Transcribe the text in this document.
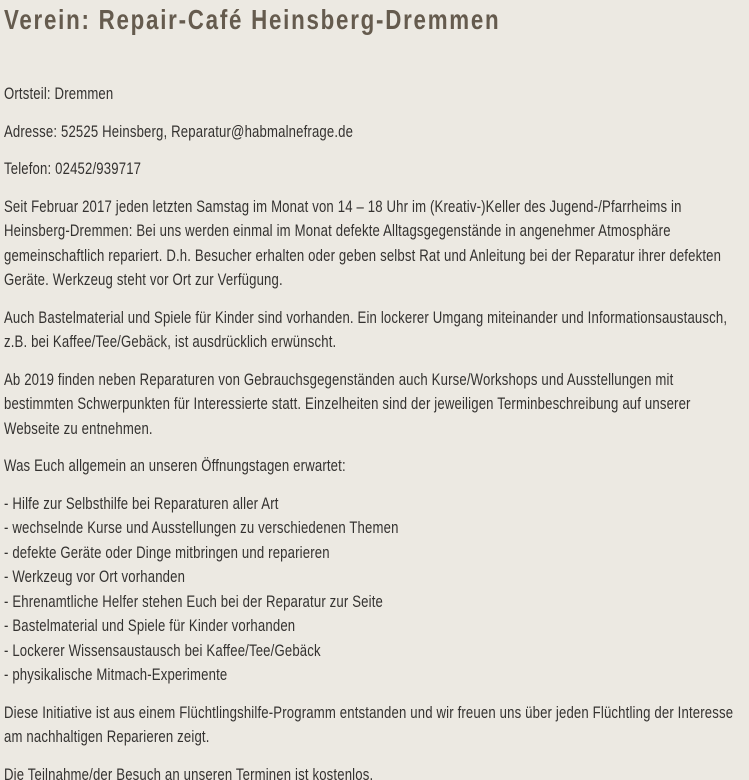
Verein: Repair-Café Heinsberg-Dremmen

Ortsteil: Dremmen

Adresse: 52525 Heinsberg, Reparatur@habmalnefrage.de

Telefon: 02452/939717

Seit Februar 2017 jeden letzten Samstag im Monat von 14 – 18 Uhr im (Kreativ-)Keller des Jugend-/Pfarrheims in Heinsberg-Dremmen: Bei uns werden einmal im Monat defekte Alltagsgegenstände in angenehmer Atmosphäre gemeinschaftlich repariert. D.h. Besucher erhalten oder geben selbst Rat und Anleitung bei der Reparatur ihrer defekten Geräte. Werkzeug steht vor Ort zur Verfügung.

Auch Bastelmaterial und Spiele für Kinder sind vorhanden. Ein lockerer Umgang miteinander und Informationsaustausch, z.B. bei Kaffee/Tee/Gebäck, ist ausdrücklich erwünscht.

Ab 2019 finden neben Reparaturen von Gebrauchsgegenständen auch Kurse/Workshops und Ausstellungen mit bestimmten Schwerpunkten für Interessierte statt. Einzelheiten sind der jeweiligen Terminbeschreibung auf unserer Webseite zu entnehmen.

Was Euch allgemein an unseren Öffnungstagen erwartet:

- Hilfe zur Selbsthilfe bei Reparaturen aller Art
- wechselnde Kurse und Ausstellungen zu verschiedenen Themen
- defekte Geräte oder Dinge mitbringen und reparieren
- Werkzeug vor Ort vorhanden
- Ehrenamtliche Helfer stehen Euch bei der Reparatur zur Seite
- Bastelmaterial und Spiele für Kinder vorhanden
- Lockerer Wissensaustausch bei Kaffee/Tee/Gebäck
- physikalische Mitmach-Experimente

Diese Initiative ist aus einem Flüchtlingshilfe-Programm entstanden und wir freuen uns über jeden Flüchtling der Interesse am nachhaltigen Reparieren zeigt.

Die Teilnahme/der Besuch an unseren Terminen ist kostenlos.
